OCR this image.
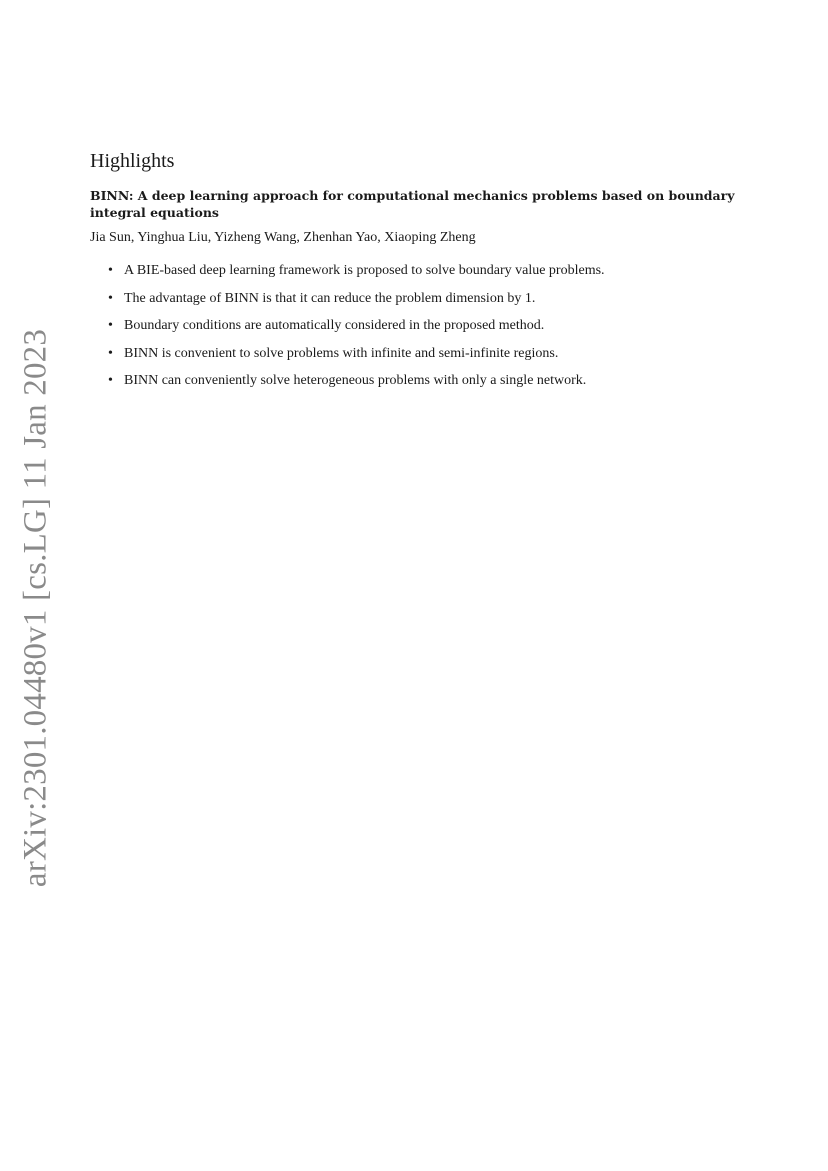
arXiv:2301.04480v1 [cs.LG] 11 Jan 2023
Highlights
BINN: A deep learning approach for computational mechanics problems based on boundary integral equations
Jia Sun, Yinghua Liu, Yizheng Wang, Zhenhan Yao, Xiaoping Zheng
• A BIE-based deep learning framework is proposed to solve boundary value problems.
• The advantage of BINN is that it can reduce the problem dimension by 1.
• Boundary conditions are automatically considered in the proposed method.
• BINN is convenient to solve problems with infinite and semi-infinite regions.
• BINN can conveniently solve heterogeneous problems with only a single network.
